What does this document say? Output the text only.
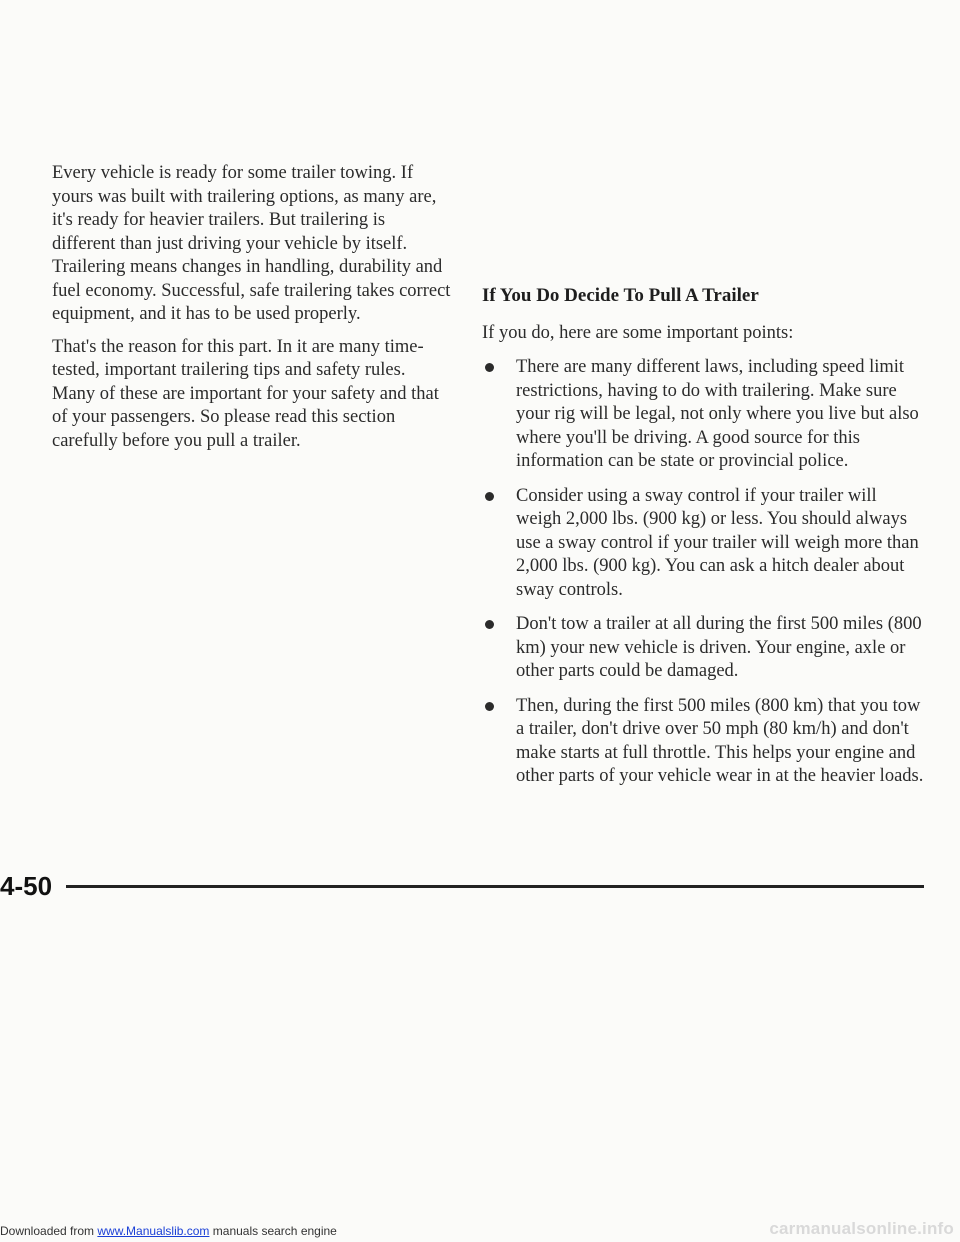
Every vehicle is ready for some trailer towing. If yours was built with trailering options, as many are, it's ready for heavier trailers. But trailering is different than just driving your vehicle by itself. Trailering means changes in handling, durability and fuel economy. Successful, safe trailering takes correct equipment, and it has to be used properly.

That's the reason for this part. In it are many time-tested, important trailering tips and safety rules. Many of these are important for your safety and that of your passengers. So please read this section carefully before you pull a trailer.

If You Do Decide To Pull A Trailer

If you do, here are some important points:

There are many different laws, including speed limit restrictions, having to do with trailering. Make sure your rig will be legal, not only where you live but also where you'll be driving. A good source for this information can be state or provincial police.
Consider using a sway control if your trailer will weigh 2,000 lbs. (900 kg) or less. You should always use a sway control if your trailer will weigh more than 2,000 lbs. (900 kg). You can ask a hitch dealer about sway controls.
Don't tow a trailer at all during the first 500 miles (800 km) your new vehicle is driven. Your engine, axle or other parts could be damaged.
Then, during the first 500 miles (800 km) that you tow a trailer, don't drive over 50 mph (80 km/h) and don't make starts at full throttle. This helps your engine and other parts of your vehicle wear in at the heavier loads.
4-50
Downloaded from www.Manualslib.com manuals search engine	carmanualsonline.info
